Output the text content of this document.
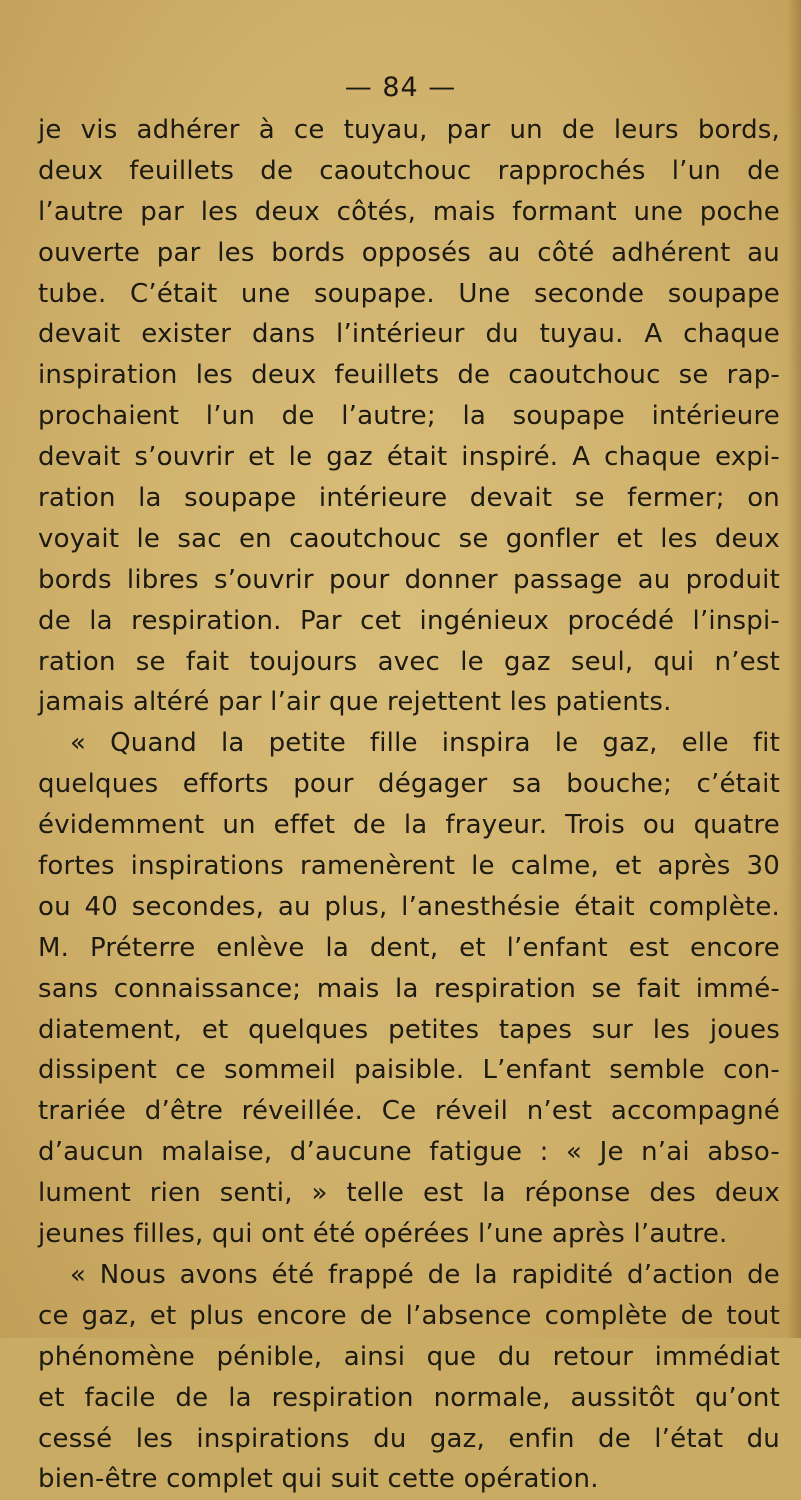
— 84 —
je vis adhérer à ce tuyau, par un de leurs bords,
deux feuillets de caoutchouc rapprochés l’un de
l’autre par les deux côtés, mais formant une poche
ouverte par les bords opposés au côté adhérent au
tube. C’était une soupape. Une seconde soupape
devait exister dans l’intérieur du tuyau. A chaque
inspiration les deux feuillets de caoutchouc se rap-
prochaient l’un de l’autre; la soupape intérieure
devait s’ouvrir et le gaz était inspiré. A chaque expi-
ration la soupape intérieure devait se fermer; on
voyait le sac en caoutchouc se gonfler et les deux
bords libres s’ouvrir pour donner passage au produit
de la respiration. Par cet ingénieux procédé l’inspi-
ration se fait toujours avec le gaz seul, qui n’est
jamais altéré par l’air que rejettent les patients.
« Quand la petite fille inspira le gaz, elle fit
quelques efforts pour dégager sa bouche; c’était
évidemment un effet de la frayeur. Trois ou quatre
fortes inspirations ramenèrent le calme, et après 30
ou 40 secondes, au plus, l’anesthésie était complète.
M. Préterre enlève la dent, et l’enfant est encore
sans connaissance; mais la respiration se fait immé-
diatement, et quelques petites tapes sur les joues
dissipent ce sommeil paisible. L’enfant semble con-
trariée d’être réveillée. Ce réveil n’est accompagné
d’aucun malaise, d’aucune fatigue : « Je n’ai abso-
lument rien senti, » telle est la réponse des deux
jeunes filles, qui ont été opérées l’une après l’autre.
« Nous avons été frappé de la rapidité d’action de
ce gaz, et plus encore de l’absence complète de tout
phénomène pénible, ainsi que du retour immédiat
et facile de la respiration normale, aussitôt qu’ont
cessé les inspirations du gaz, enfin de l’état du
bien-être complet qui suit cette opération.
